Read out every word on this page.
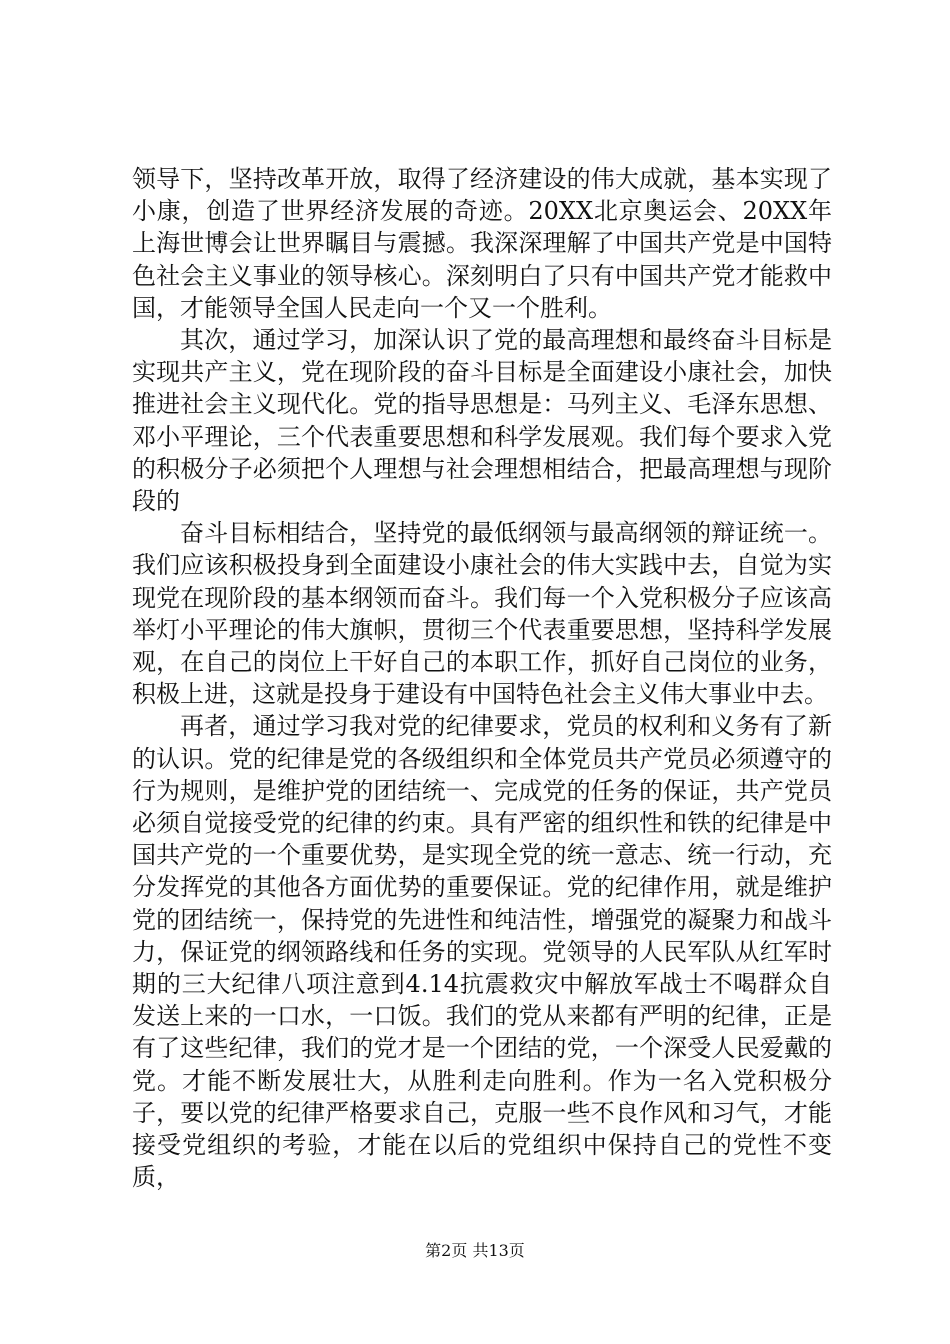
领导下，坚持改革开放，取得了经济建设的伟大成就，基本实现了小康，创造了世界经济发展的奇迹。20XX北京奥运会、20XX年上海世博会让世界瞩目与震撼。我深深理解了中国共产党是中国特色社会主义事业的领导核心。深刻明白了只有中国共产党才能救中国，才能领导全国人民走向一个又一个胜利。

其次，通过学习，加深认识了党的最高理想和最终奋斗目标是实现共产主义，党在现阶段的奋斗目标是全面建设小康社会，加快推进社会主义现代化。党的指导思想是：马列主义、毛泽东思想、邓小平理论，三个代表重要思想和科学发展观。我们每个要求入党的积极分子必须把个人理想与社会理想相结合，把最高理想与现阶段的

奋斗目标相结合，坚持党的最低纲领与最高纲领的辩证统一。我们应该积极投身到全面建设小康社会的伟大实践中去，自觉为实现党在现阶段的基本纲领而奋斗。我们每一个入党积极分子应该高举灯小平理论的伟大旗帜，贯彻三个代表重要思想，坚持科学发展观，在自己的岗位上干好自己的本职工作，抓好自己岗位的业务，积极上进，这就是投身于建设有中国特色社会主义伟大事业中去。

再者，通过学习我对党的纪律要求，党员的权利和义务有了新的认识。党的纪律是党的各级组织和全体党员共产党员必须遵守的行为规则，是维护党的团结统一、完成党的任务的保证，共产党员必须自觉接受党的纪律的约束。具有严密的组织性和铁的纪律是中国共产党的一个重要优势，是实现全党的统一意志、统一行动，充分发挥党的其他各方面优势的重要保证。党的纪律作用，就是维护党的团结统一，保持党的先进性和纯洁性，增强党的凝聚力和战斗力，保证党的纲领路线和任务的实现。党领导的人民军队从红军时期的三大纪律八项注意到4.14抗震救灾中解放军战士不喝群众自发送上来的一口水，一口饭。我们的党从来都有严明的纪律，正是有了这些纪律，我们的党才是一个团结的党，一个深受人民爱戴的党。才能不断发展壮大，从胜利走向胜利。作为一名入党积极分子，要以党的纪律严格要求自己，克服一些不良作风和习气，才能接受党组织的考验，才能在以后的党组织中保持自己的党性不变质，

第2页 共13页
